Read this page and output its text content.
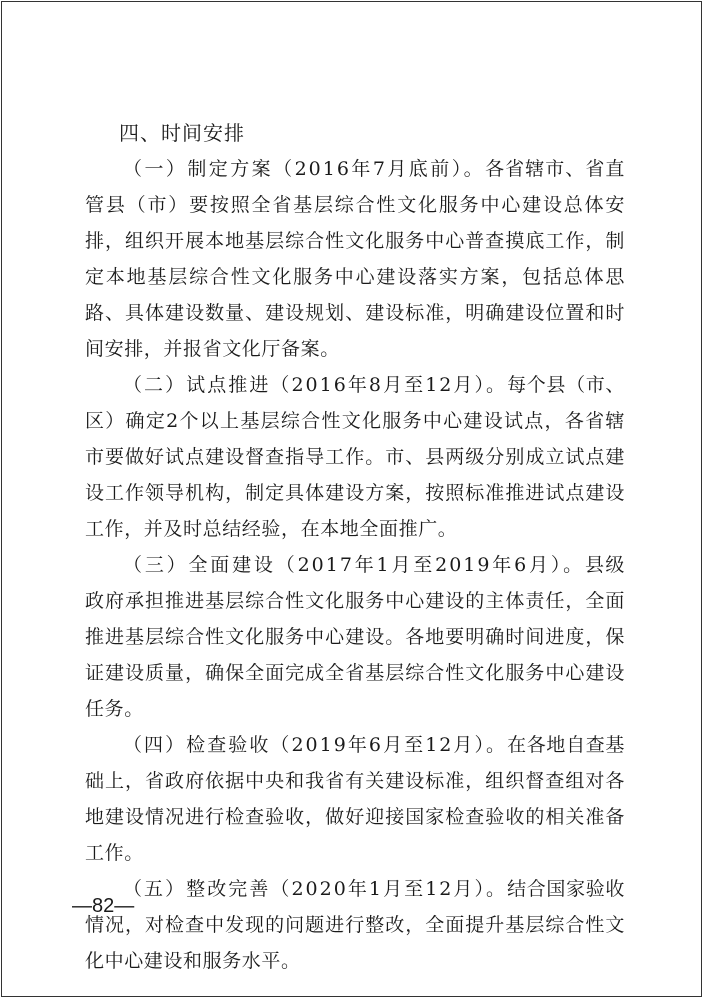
四、时间安排

（一）制定方案（2016年7月底前）。各省辖市、省直管县（市）要按照全省基层综合性文化服务中心建设总体安排，组织开展本地基层综合性文化服务中心普查摸底工作，制定本地基层综合性文化服务中心建设落实方案，包括总体思路、具体建设数量、建设规划、建设标准，明确建设位置和时间安排，并报省文化厅备案。

（二）试点推进（2016年8月至12月）。每个县（市、区）确定2个以上基层综合性文化服务中心建设试点，各省辖市要做好试点建设督查指导工作。市、县两级分别成立试点建设工作领导机构，制定具体建设方案，按照标准推进试点建设工作，并及时总结经验，在本地全面推广。

（三）全面建设（2017年1月至2019年6月）。县级政府承担推进基层综合性文化服务中心建设的主体责任，全面推进基层综合性文化服务中心建设。各地要明确时间进度，保证建设质量，确保全面完成全省基层综合性文化服务中心建设任务。

（四）检查验收（2019年6月至12月）。在各地自查基础上，省政府依据中央和我省有关建设标准，组织督查组对各地建设情况进行检查验收，做好迎接国家检查验收的相关准备工作。

（五）整改完善（2020年1月至12月）。结合国家验收情况，对检查中发现的问题进行整改，全面提升基层综合性文化中心建设和服务水平。

—82—
